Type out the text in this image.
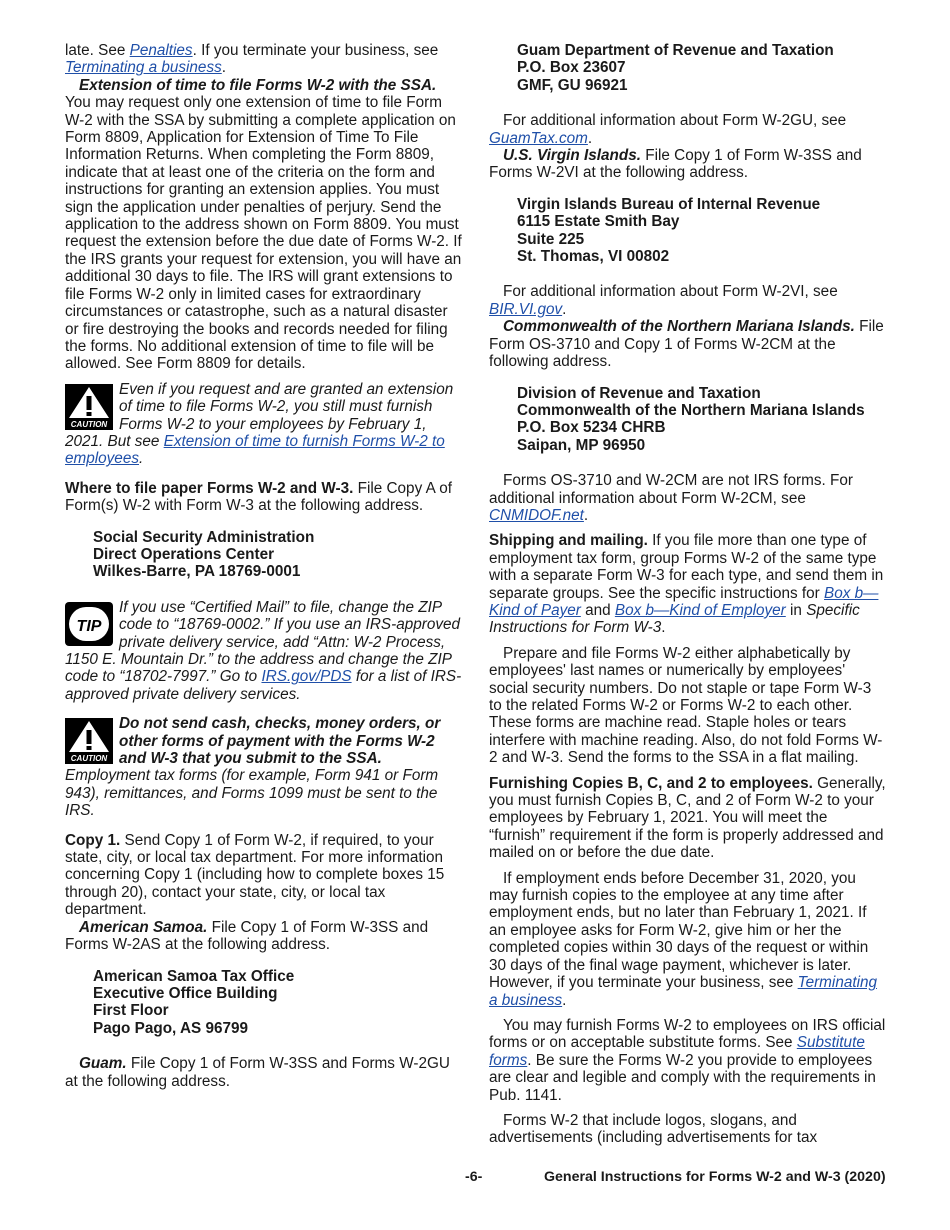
late. See Penalties. If you terminate your business, see Terminating a business.

Extension of time to file Forms W-2 with the SSA. You may request only one extension of time to file Form W-2 with the SSA by submitting a complete application on Form 8809, Application for Extension of Time To File Information Returns. When completing the Form 8809, indicate that at least one of the criteria on the form and instructions for granting an extension applies. You must sign the application under penalties of perjury. Send the application to the address shown on Form 8809. You must request the extension before the due date of Forms W-2. If the IRS grants your request for extension, you will have an additional 30 days to file. The IRS will grant extensions to file Forms W-2 only in limited cases for extraordinary circumstances or catastrophe, such as a natural disaster or fire destroying the books and records needed for filing the forms. No additional extension of time to file will be allowed. See Form 8809 for details.

CAUTION
Even if you request and are granted an extension of time to file Forms W-2, you still must furnish Forms W-2 to your employees by February 1, 2021. But see Extension of time to furnish Forms W-2 to employees.

Where to file paper Forms W-2 and W-3. File Copy A of Form(s) W-2 with Form W-3 at the following address.

Social Security Administration
Direct Operations Center
Wilkes-Barre, PA 18769-0001
TIP
If you use “Certified Mail” to file, change the ZIP code to “18769-0002.” If you use an IRS-approved private delivery service, add “Attn: W-2 Process, 1150 E. Mountain Dr.” to the address and change the ZIP code to “18702-7997.” Go to IRS.gov/PDS for a list of IRS-approved private delivery services.
CAUTION
Do not send cash, checks, money orders, or other forms of payment with the Forms W-2 and W-3 that you submit to the SSA. Employment tax forms (for example, Form 941 or Form 943), remittances, and Forms 1099 must be sent to the IRS.

Copy 1. Send Copy 1 of Form W-2, if required, to your state, city, or local tax department. For more information concerning Copy 1 (including how to complete boxes 15 through 20), contact your state, city, or local tax department.

American Samoa. File Copy 1 of Form W-3SS and Forms W-2AS at the following address.

American Samoa Tax Office
Executive Office Building
First Floor
Pago Pago, AS 96799

Guam. File Copy 1 of Form W-3SS and Forms W-2GU at the following address.

Guam Department of Revenue and Taxation
P.O. Box 23607
GMF, GU 96921

For additional information about Form W-2GU, see GuamTax.com.

U.S. Virgin Islands. File Copy 1 of Form W-3SS and Forms W-2VI at the following address.

Virgin Islands Bureau of Internal Revenue
6115 Estate Smith Bay
Suite 225
St. Thomas, VI 00802

For additional information about Form W-2VI, see BIR.VI.gov.

Commonwealth of the Northern Mariana Islands. File Form OS-3710 and Copy 1 of Forms W-2CM at the following address.

Division of Revenue and Taxation
Commonwealth of the Northern Mariana Islands
P.O. Box 5234 CHRB
Saipan, MP 96950

Forms OS-3710 and W-2CM are not IRS forms. For additional information about Form W-2CM, see CNMIDOF.net.

Shipping and mailing. If you file more than one type of employment tax form, group Forms W-2 of the same type with a separate Form W-3 for each type, and send them in separate groups. See the specific instructions for Box b—Kind of Payer and Box b—Kind of Employer in Specific Instructions for Form W-3.

Prepare and file Forms W-2 either alphabetically by employees' last names or numerically by employees' social security numbers. Do not staple or tape Form W-3 to the related Forms W-2 or Forms W-2 to each other. These forms are machine read. Staple holes or tears interfere with machine reading. Also, do not fold Forms W-2 and W-3. Send the forms to the SSA in a flat mailing.

Furnishing Copies B, C, and 2 to employees. Generally, you must furnish Copies B, C, and 2 of Form W-2 to your employees by February 1, 2021. You will meet the “furnish” requirement if the form is properly addressed and mailed on or before the due date.

If employment ends before December 31, 2020, you may furnish copies to the employee at any time after employment ends, but no later than February 1, 2021. If an employee asks for Form W-2, give him or her the completed copies within 30 days of the request or within 30 days of the final wage payment, whichever is later. However, if you terminate your business, see Terminating a business.

You may furnish Forms W-2 to employees on IRS official forms or on acceptable substitute forms. See Substitute forms. Be sure the Forms W-2 you provide to employees are clear and legible and comply with the requirements in Pub. 1141.

Forms W-2 that include logos, slogans, and advertisements (including advertisements for tax

-6-	General Instructions for Forms W-2 and W-3 (2020)
